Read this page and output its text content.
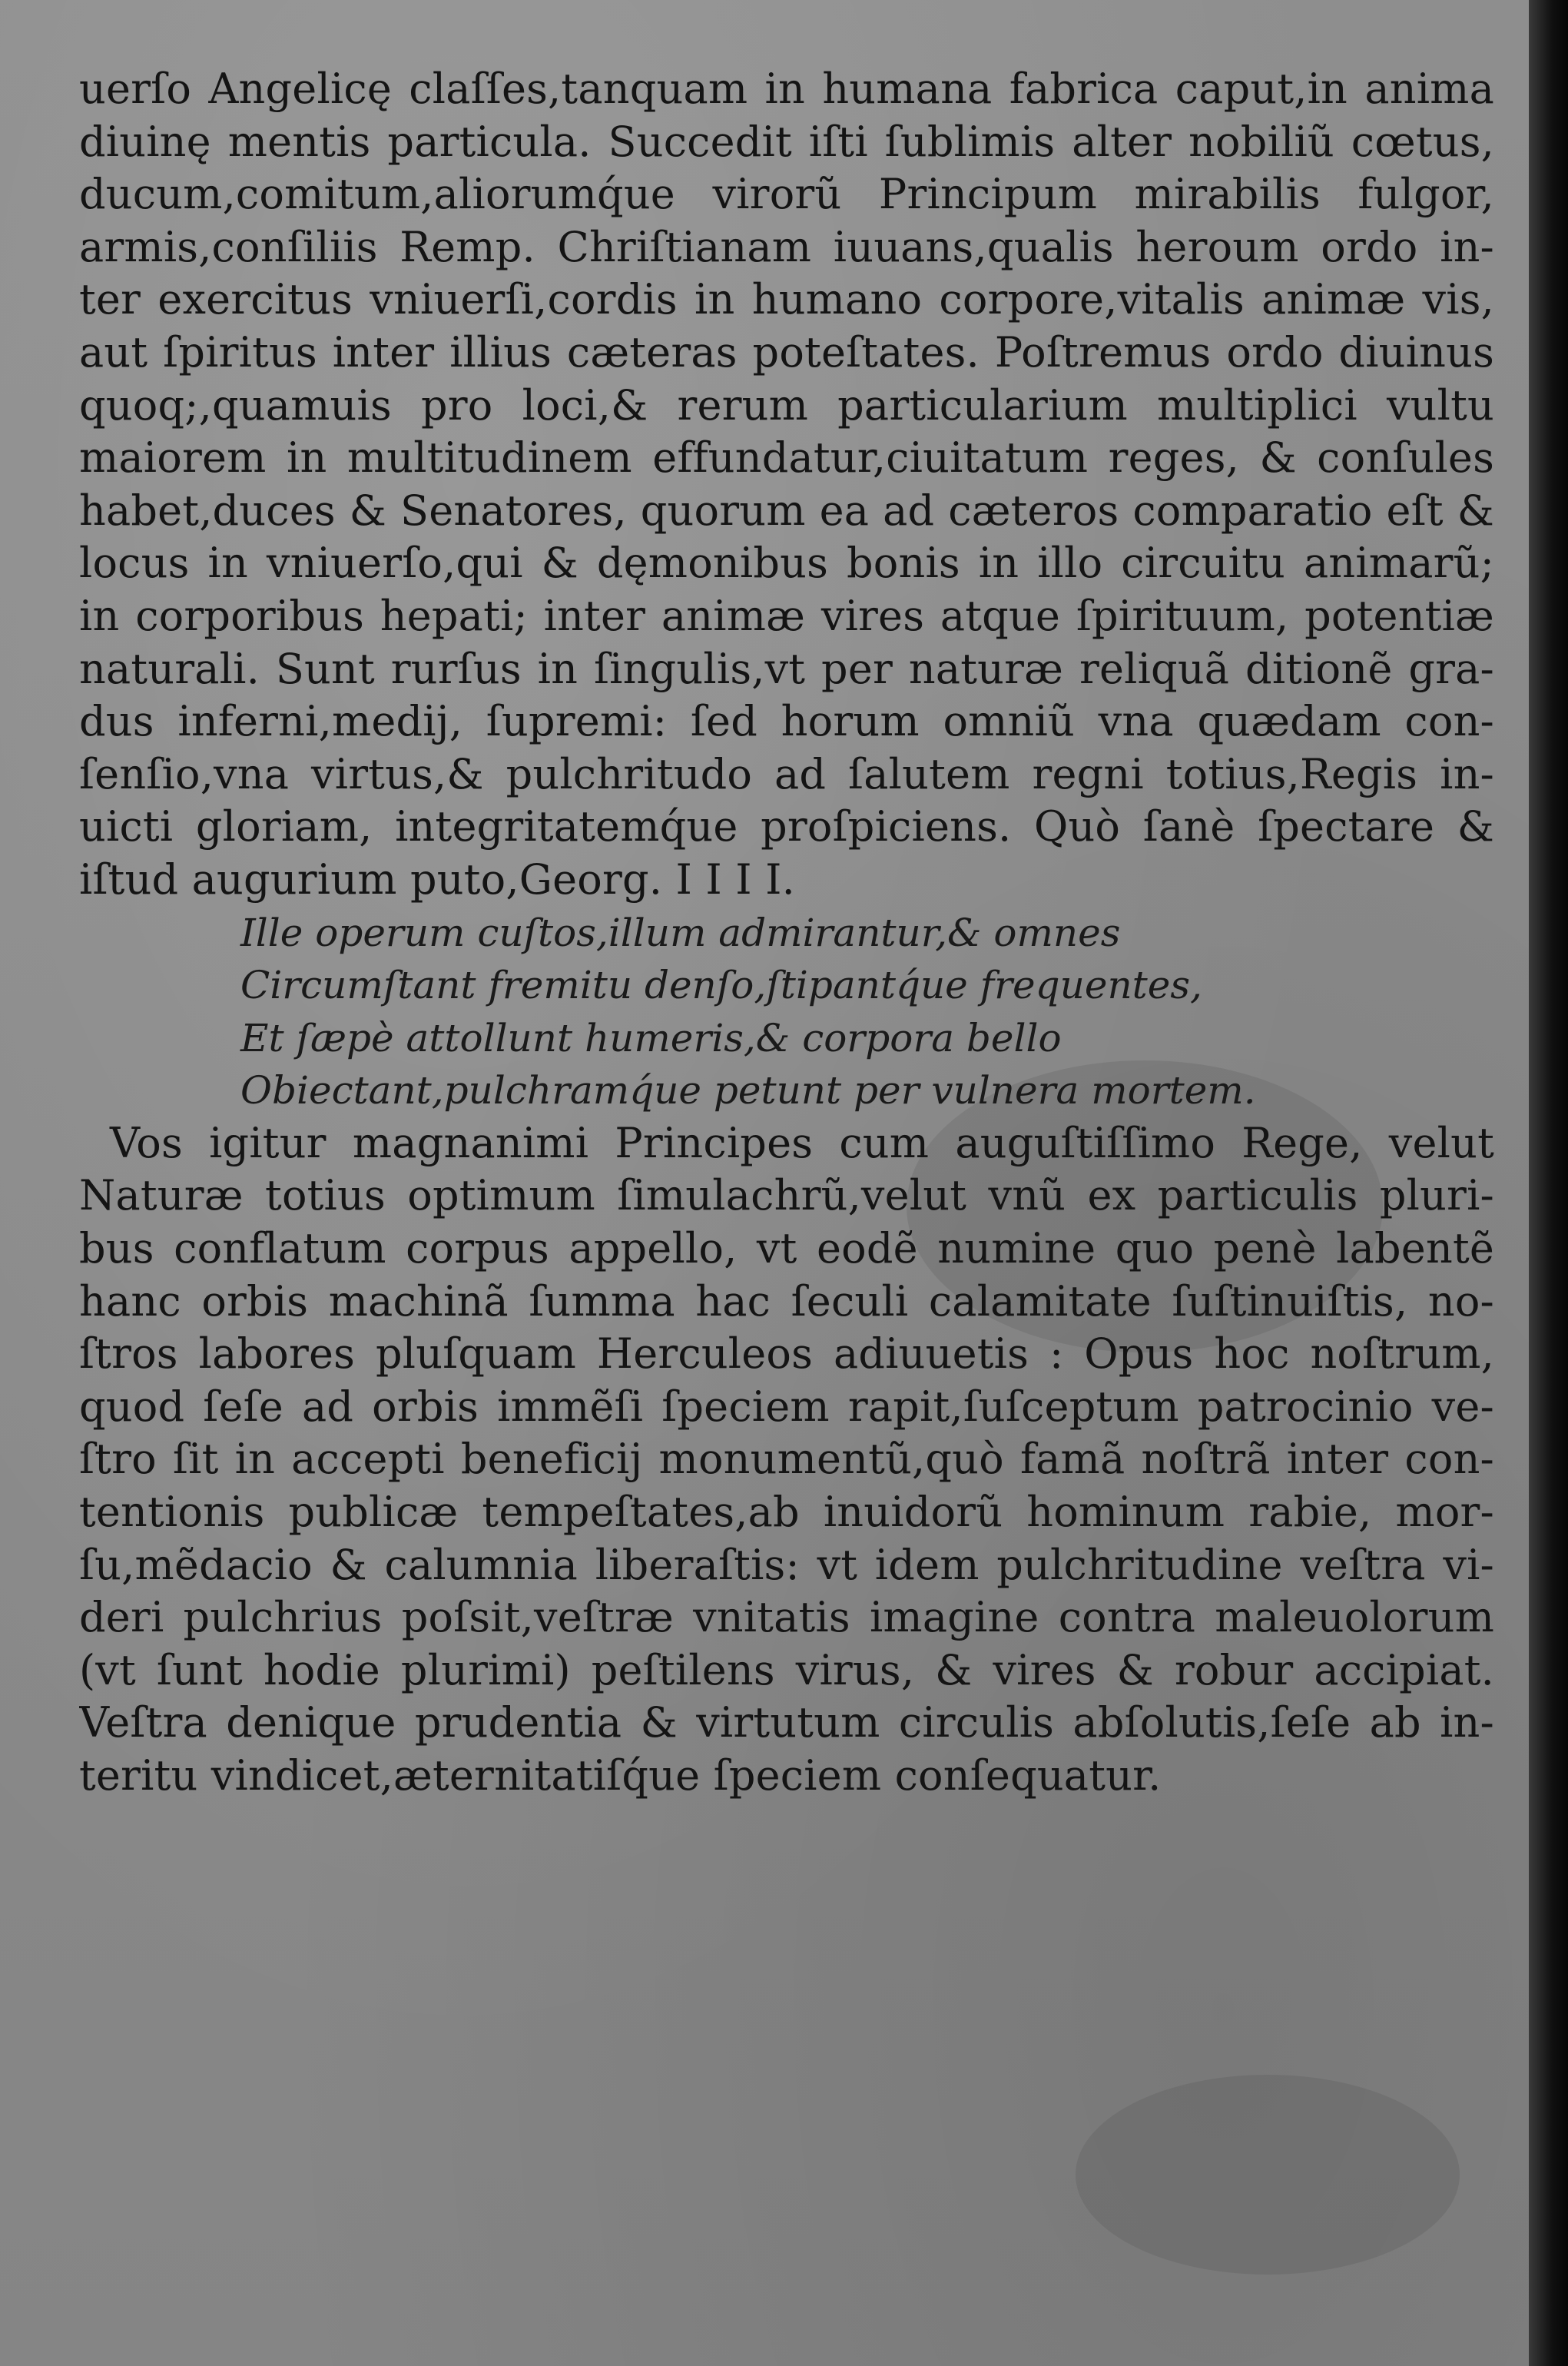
uerſo Angelicę claſſes,tanquam in humana fabrica caput,in anima
diuinę mentis particula. Succedit iſti ſublimis alter nobiliũ cœtus,
ducum,comitum,aliorumq́ue virorũ Principum mirabilis fulgor,
armis,conſiliis Remp. Chriſtianam iuuans,qualis heroum ordo in-
ter exercitus vniuerſi,cordis in humano corpore,vitalis animæ vis,
aut ſpiritus inter illius cæteras poteſtates. Poſtremus ordo diuinus
quoq;,quamuis pro loci,& rerum particularium multiplici vultu
maiorem in multitudinem effundatur,ciuitatum reges, & conſules
habet,duces & Senatores, quorum ea ad cæteros comparatio eſt &
locus in vniuerſo,qui & dęmonibus bonis in illo circuitu animarũ;
in corporibus hepati; inter animæ vires atque ſpirituum, potentiæ
naturali. Sunt rurſus in ſingulis,vt per naturæ reliquã ditionẽ gra-
dus inferni,medij, ſupremi: ſed horum omniũ vna quædam con-
ſenſio,vna virtus,& pulchritudo ad ſalutem regni totius,Regis in-
uicti gloriam, integritatemq́ue proſpiciens. Quò ſanè ſpectare &
iſtud augurium puto,Georg. I I I I.
Ille operum cuſtos,illum admirantur,& omnes
Circumſtant fremitu denſo,ſtipantq́ue frequentes,
Et ſæpè attollunt humeris,& corpora bello
Obiectant,pulchramq́ue petunt per vulnera mortem.
Vos igitur magnanimi Principes cum auguſtiſſimo Rege, velut
Naturæ totius optimum ſimulachrũ,velut vnũ ex particulis pluri-
bus conflatum corpus appello, vt eodẽ numine quo penè labentẽ
hanc orbis machinã ſumma hac ſeculi calamitate ſuſtinuiſtis, no-
ſtros labores pluſquam Herculeos adiuuetis : Opus hoc noſtrum,
quod ſeſe ad orbis immẽſi ſpeciem rapit,ſuſceptum patrocinio ve-
ſtro ſit in accepti beneficij monumentũ,quò famã noſtrã inter con-
tentionis publicæ tempeſtates,ab inuidorũ hominum rabie, mor-
ſu,mẽdacio & calumnia liberaſtis: vt idem pulchritudine veſtra vi-
deri pulchrius poſsit,veſtræ vnitatis imagine contra maleuolorum
(vt ſunt hodie plurimi) peſtilens virus, & vires & robur accipiat.
Veſtra denique prudentia & virtutum circulis abſolutis,ſeſe ab in-
teritu vindicet,æternitatiſq́ue ſpeciem conſequatur.
